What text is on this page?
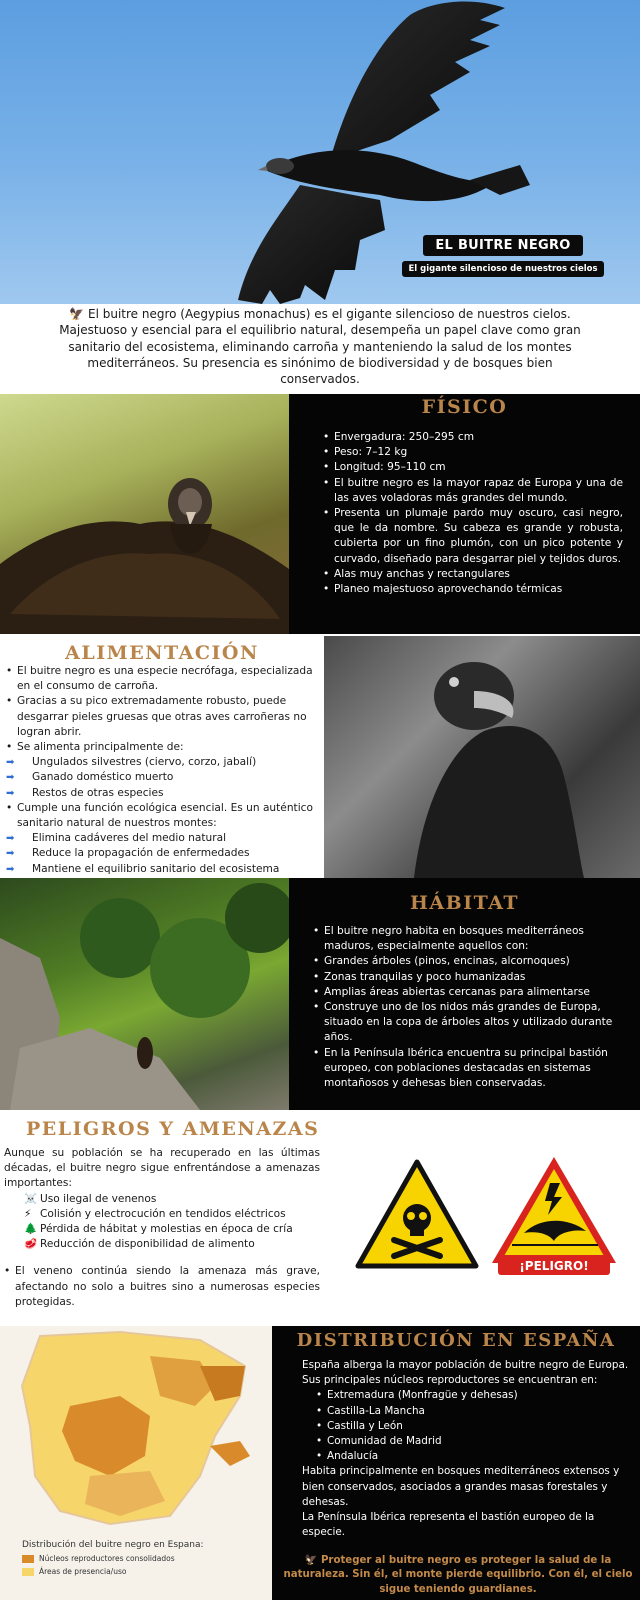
EL BUITRE NEGRO
El gigante silencioso de nuestros cielos

🦅 El buitre negro (Aegypius monachus) es el gigante silencioso de nuestros cielos. Majestuoso y esencial para el equilibrio natural, desempeña un papel clave como gran sanitario del ecosistema, eliminando carroña y manteniendo la salud de los montes mediterráneos. Su presencia es sinónimo de biodiversidad y de bosques bien conservados.

FÍSICO
• Envergadura: 250–295 cm
• Peso: 7–12 kg
• Longitud: 95–110 cm
• El buitre negro es la mayor rapaz de Europa y una de las aves voladoras más grandes del mundo.
• Presenta un plumaje pardo muy oscuro, casi negro, que le da nombre. Su cabeza es grande y robusta, cubierta por un fino plumón, con un pico potente y curvado, diseñado para desgarrar piel y tejidos duros.
• Alas muy anchas y rectangulares
• Planeo majestuoso aprovechando térmicas
ALIMENTACIÓN
• El buitre negro es una especie necrófaga, especializada en el consumo de carroña.
• Gracias a su pico extremadamente robusto, puede desgarrar pieles gruesas que otras aves carroñeras no logran abrir.
• Se alimenta principalmente de:
➡ Ungulados silvestres (ciervo, corzo, jabalí)
➡ Ganado doméstico muerto
➡ Restos de otras especies
• Cumple una función ecológica esencial. Es un auténtico sanitario natural de nuestros montes:
➡ Elimina cadáveres del medio natural
➡ Reduce la propagación de enfermedades
➡ Mantiene el equilibrio sanitario del ecosistema
HÁBITAT
• El buitre negro habita en bosques mediterráneos maduros, especialmente aquellos con:
• Grandes árboles (pinos, encinas, alcornoques)
• Zonas tranquilas y poco humanizadas
• Amplias áreas abiertas cercanas para alimentarse
• Construye uno de los nidos más grandes de Europa, situado en la copa de árboles altos y utilizado durante años.
• En la Península Ibérica encuentra su principal bastión europeo, con poblaciones destacadas en sistemas montañosos y dehesas bien conservadas.
PELIGROS Y AMENAZAS

Aunque su población se ha recuperado en las últimas décadas, el buitre negro sigue enfrentándose a amenazas importantes:

☠️ Uso ilegal de venenos
⚡ Colisión y electrocución en tendidos eléctricos
🌲 Pérdida de hábitat y molestias en época de cría
🥩 Reducción de disponibilidad de alimento
• El veneno continúa siendo la amenaza más grave, afectando no solo a buitres sino a numerosas especies protegidas.
¡PELIGRO!
Distribución del buitre negro en Espana:
Núcleos reproductores consolidados
Áreas de presencia/uso
DISTRIBUCIÓN EN ESPAÑA

España alberga la mayor población de buitre negro de Europa. Sus principales núcleos reproductores se encuentran en:

• Extremadura (Monfragüe y dehesas)
• Castilla-La Mancha
• Castilla y León
• Comunidad de Madrid
• Andalucía

Habita principalmente en bosques mediterráneos extensos y bien conservados, asociados a grandes masas forestales y dehesas.

La Península Ibérica representa el bastión europeo de la especie.

🦅 Proteger al buitre negro es proteger la salud de la naturaleza. Sin él, el monte pierde equilibrio. Con él, el cielo sigue teniendo guardianes.
